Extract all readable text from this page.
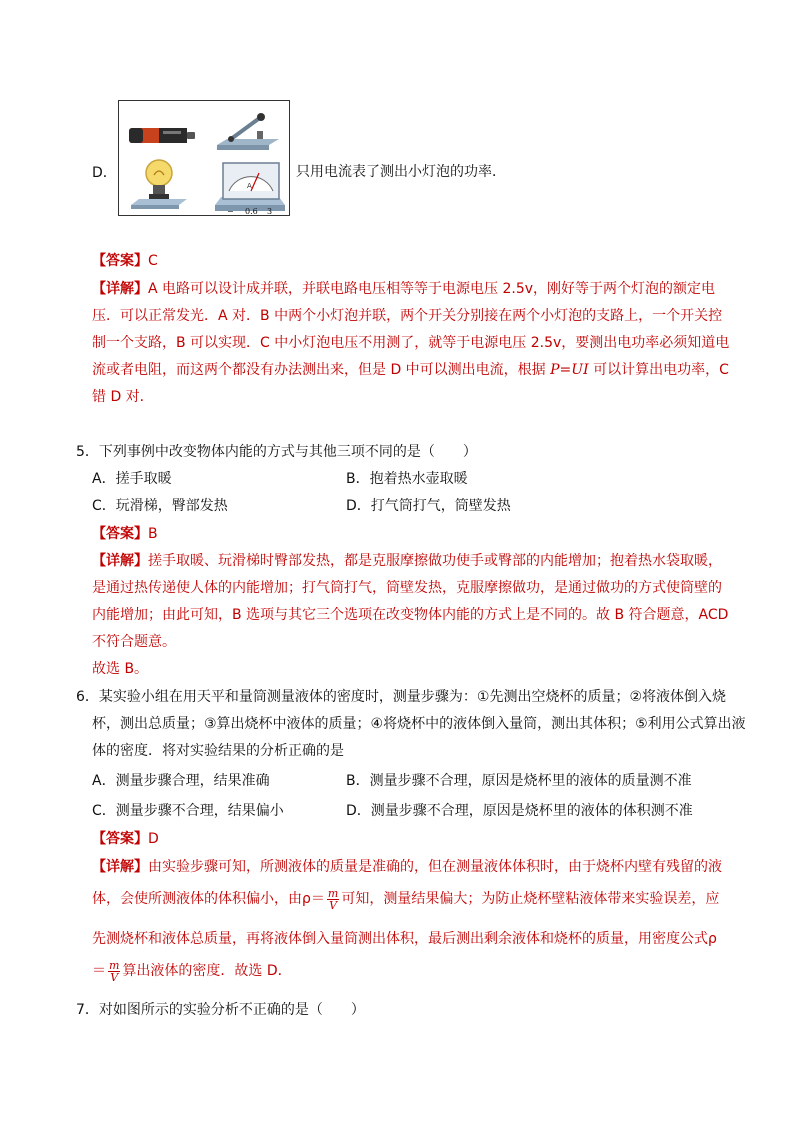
D．
A
− 0.6 3
只用电流表了测出小灯泡的功率．
【答案】C
【详解】A 电路可以设计成并联，并联电路电压相等等于电源电压 2.5v，刚好等于两个灯泡的额定电
压．可以正常发光．A 对．B 中两个小灯泡并联，两个开关分别接在两个小灯泡的支路上，一个开关控
制一个支路，B 可以实现．C 中小灯泡电压不用测了，就等于电源电压 2.5v，要测出电功率必须知道电
流或者电阻，而这两个都没有办法测出来，但是 D 中可以测出电流，根据 P=UI 可以计算出电功率，C
错 D 对．
5．下列事例中改变物体内能的方式与其他三项不同的是（　　）
A．搓手取暖	B．抱着热水壶取暖
C．玩滑梯，臀部发热	D．打气筒打气，筒壁发热
【答案】B
【详解】搓手取暖、玩滑梯时臀部发热，都是克服摩擦做功使手或臀部的内能增加；抱着热水袋取暖，
是通过热传递使人体的内能增加；打气筒打气，筒壁发热，克服摩擦做功，是通过做功的方式使筒壁的
内能增加；由此可知，B 选项与其它三个选项在改变物体内能的方式上是不同的。故 B 符合题意，ACD
不符合题意。
故选 B。
6．某实验小组在用天平和量筒测量液体的密度时，测量步骤为：①先测出空烧杯的质量；②将液体倒入烧
杯，测出总质量；③算出烧杯中液体的质量；④将烧杯中的液体倒入量筒，测出其体积；⑤利用公式算出液
体的密度．将对实验结果的分析正确的是
A．测量步骤合理，结果准确	B．测量步骤不合理，原因是烧杯里的液体的质量测不准
C．测量步骤不合理，结果偏小	D．测量步骤不合理，原因是烧杯里的液体的体积测不准
【答案】D
【详解】由实验步骤可知，所测液体的质量是准确的，但在测量液体体积时，由于烧杯内壁有残留的液
体，会使所测液体的体积偏小，由$\rho= \frac{m}{V}$ 可知，测量结果偏大；为防止烧杯壁粘液体带来实验误差，应
先测烧杯和液体总质量，再将液体倒入量筒测出体积，最后测出剩余液体和烧杯的质量，用密度公式ρ
＝ $\frac{m}{V}$ 算出液体的密度．故选 D．
7．对如图所示的实验分析不正确的是（　　）
